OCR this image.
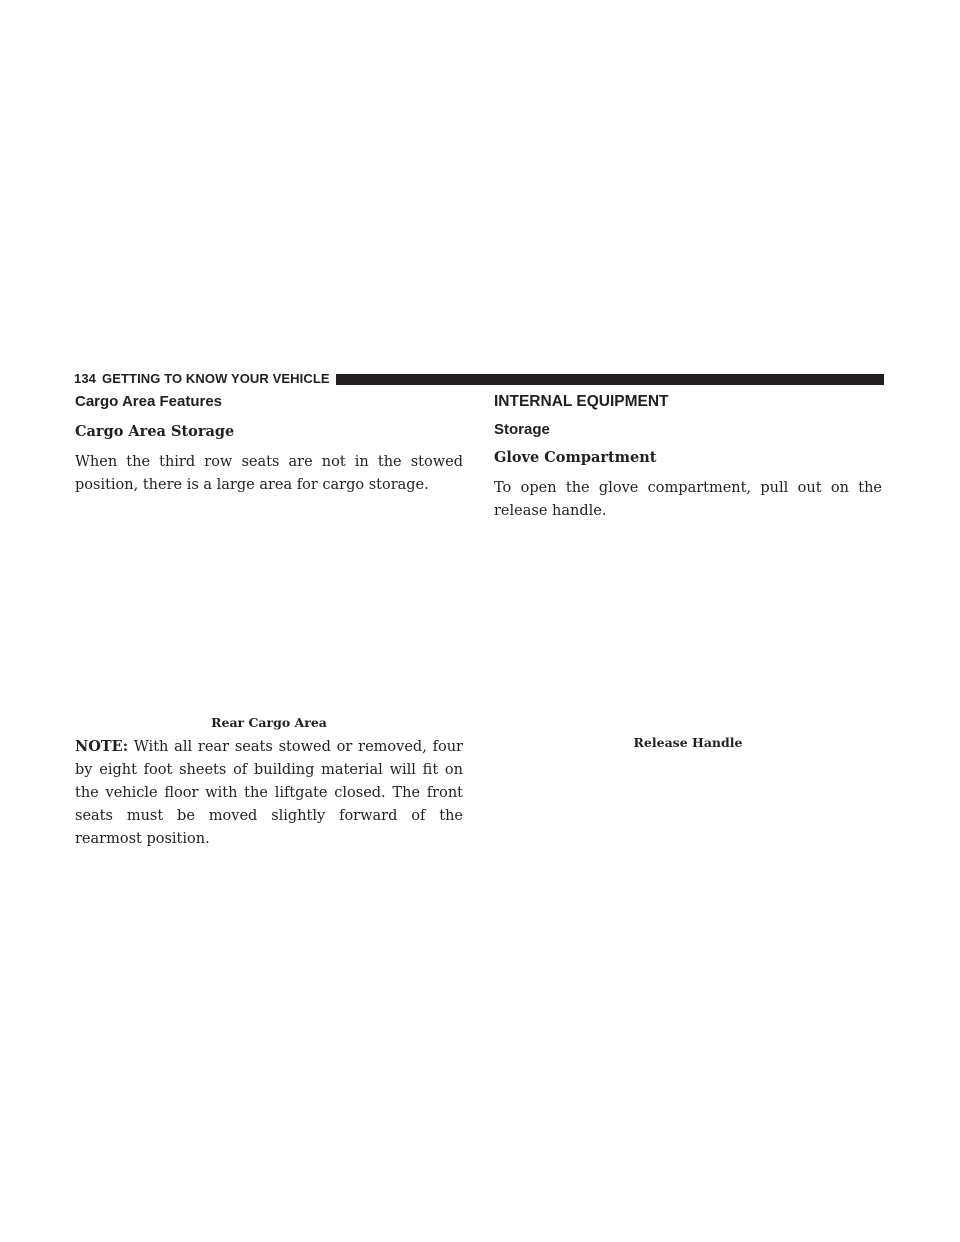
134 GETTING TO KNOW YOUR VEHICLE
Cargo Area Features
Cargo Area Storage

When the third row seats are not in the stowed position, there is a large area for cargo storage.

Rear Cargo Area

NOTE: With all rear seats stowed or removed, four by eight foot sheets of building material will fit on the vehicle floor with the liftgate closed. The front seats must be moved slightly forward of the rearmost position.

INTERNAL EQUIPMENT
Storage
Glove Compartment

To open the glove compartment, pull out on the release handle.

Release Handle
